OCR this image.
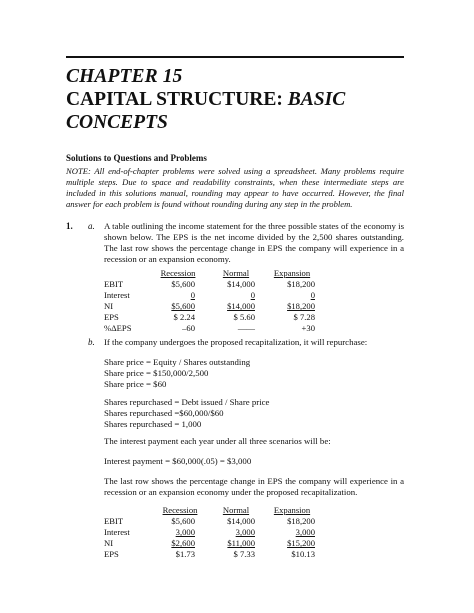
CHAPTER 15
CAPITAL STRUCTURE: BASIC
CONCEPTS
Solutions to Questions and Problems
NOTE: All end-of-chapter problems were solved using a spreadsheet. Many problems require multiple steps. Due to space and readability constraints, when these intermediate steps are included in this solutions manual, rounding may appear to have occurred. However, the final answer for each problem is found without rounding during any step in the problem.
1. a. A table outlining the income statement for the three possible states of the economy is shown below. The EPS is the net income divided by the 2,500 shares outstanding. The last row shows the percentage change in EPS the company will experience in a recession or an expansion economy.
Recession	Normal	Expansion
EBIT	$5,600	$14,000	$18,200
Interest	0	0	0
NI	$5,600	$14,000	$18,200
EPS	$ 2.24	$ 5.60	$ 7.28
%ΔEPS	–60	——	+30
b. If the company undergoes the proposed recapitalization, it will repurchase:
Share price = Equity / Shares outstanding
Share price = $150,000/2,500
Share price = $60
Shares repurchased = Debt issued / Share price
Shares repurchased =$60,000/$60
Shares repurchased = 1,000
The interest payment each year under all three scenarios will be:
Interest payment = $60,000(.05) = $3,000
The last row shows the percentage change in EPS the company will experience in a recession or an expansion economy under the proposed recapitalization.
Recession	Normal	Expansion
EBIT	$5,600	$14,000	$18,200
Interest	3,000	3,000	3,000
NI	$2,600	$11,000	$15,200
EPS	$1.73	$ 7.33	$10.13
